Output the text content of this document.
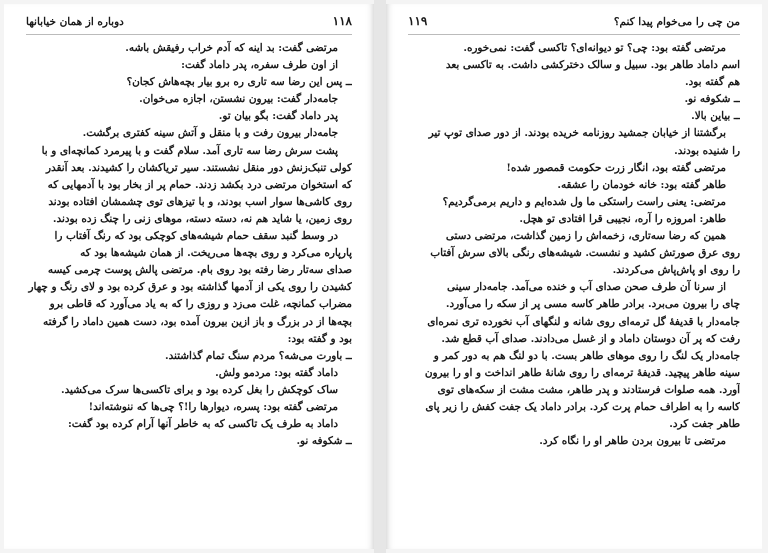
۱۱۸
دوباره از همان خیابانها
مرتضی گفت: بد اینه که آدم خراب رفیقش باشه.
از اون طرف سفره، پدر داماد گفت:
ــ پس این رضا سه تاری ره برو بیار بچه‌هاش کجان؟
جامه‌دار گفت: بیرون نشستن، اجازه می‌خوان.
پدر داماد گفت: بگو بیان تو.
جامه‌دار بیرون رفت و با منقل و آتش سینه کفتری برگشت.
پشت سرش رضا سه تاری آمد. سلام گفت و با پیرمرد کمانچه‌ای و با
کولی تنبک‌زنش دور منقل نشستند. سیر تریاکشان را کشیدند. بعد آنقدر
که استخوان مرتضی درد بکشد زدند. حمام پر از بخار بود با آدمهایی که
روی کاشی‌ها سوار اسب بودند، و با تیزهای توی چشمشان افتاده بودند
روی زمین، یا شاید هم نه، دسته دسته، موهای زنی را چنگ زده بودند.
در وسط گنبد سقف حمام شیشه‌های کوچکی بود که رنگ آفتاب را
پارپاره می‌کرد و روی بچه‌ها می‌ریخت. از همان شیشه‌ها بود که
صدای سه‌تار رضا رفته بود روی بام. مرتضی پالش پوست چرمی کیسه
کشیدن را روی یکی از آدمها گذاشته بود و عرق کرده بود و لای رنگ و چهار
مضراب کمانچه، غلت می‌زد و روزی را که به یاد می‌آورد که قاطی برو
بچه‌ها از در بزرگ و باز ازین بیرون آمده بود، دست همین داماد را گرفته
بود و گفته بود:
ــ باورت می‌شه؟ مردم سنگ تمام گذاشتند.
داماد گفته بود: مردمو ولش.
ساک کوچکش را بغل کرده بود و برای تاکسی‌ها سرک می‌کشید.
مرتضی گفته بود: پسره، دیوارها را!؟ چی‌ها که ننوشته‌اند!
داماد به طرف یک تاکسی که به خاطر آنها آرام کرده بود گفت:
ــ شکوفه نو.
من چی را می‌خوام پیدا کنم؟
۱۱۹
مرتضی گفته بود: چی؟ تو دیوانه‌ای؟ تاکسی گفت: نمی‌خوره.
اسم داماد طاهر بود. سبیل و سالک دخترکشی داشت. به تاکسی بعد
هم گفته بود.
ــ شکوفه نو.
ــ بیاین بالا.
برگشتنا از خیابان جمشید روزنامه خریده بودند. از دور صدای توپ تیر
را شنیده بودند.
مرتضی گفته بود، انگار زرت حکومت قمصور شده!
طاهر گفته بود: خانه خودمان را عشقه.
مرتضی: یعنی راست راستکی ما ول شده‌ایم و داریم برمی‌گردیم؟
طاهر: امروزه را آره، نجیبی قرا افتادی تو هچل.
همین که رضا سه‌تاری، زخمه‌اش را زمین گذاشت، مرتضی دستی
روی عرق صورتش کشید و نشست. شیشه‌های رنگی بالای سرش آفتاب
را روی او پاش‌پاش می‌کردند.
از سرنا آن طرف صحن صدای آب و خنده می‌آمد. جامه‌دار سینی
چای را بیرون می‌برد. برادر طاهر کاسه مسی پر از سکه را می‌آورد.
جامه‌دار با قدیفهٔ گل ترمه‌ای روی شانه و لنگهای آب نخورده تری نمره‌ای
رفت که پر آن دوستان داماد و از غسل می‌دادند. صدای آب قطع شد.
جامه‌دار یک لنگ را روی موهای طاهر بست. با دو لنگ هم به دور کمر و
سینه طاهر پیچید. قدیفهٔ ترمه‌ای را روی شانهٔ طاهر انداخت و او را بیرون
آورد. همه صلوات فرستادند و پدر طاهر، مشت مشت از سکه‌های توی
کاسه را به اطراف حمام پرت کرد. برادر داماد یک جفت کفش را زیر پای
طاهر جفت کرد.
مرتضی تا بیرون بردن طاهر او را نگاه کرد.
